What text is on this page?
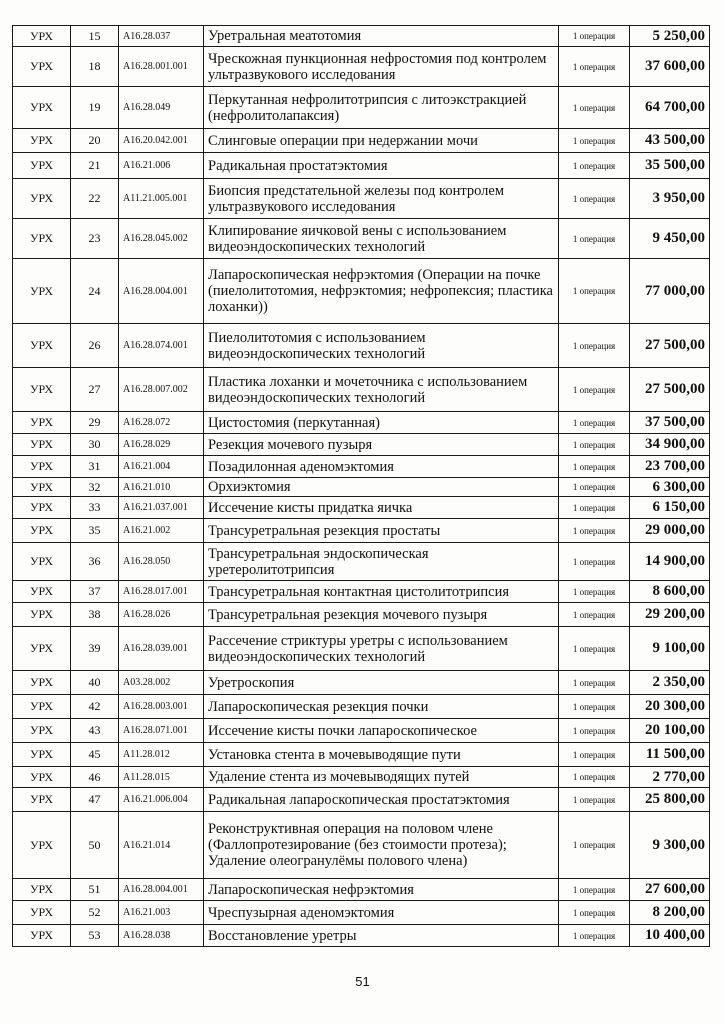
УРХ	15	A16.28.037	Уретральная меатотомия	1 операция	5 250,00
УРХ	18	A16.28.001.001	Чрескожная пункционная нефростомия под контролем ультразвукового исследования	1 операция	37 600,00
УРХ	19	A16.28.049	Перкутанная нефролитотрипсия с литоэкстракцией (нефролитолапаксия)	1 операция	64 700,00
УРХ	20	A16.20.042.001	Слинговые операции при недержании мочи	1 операция	43 500,00
УРХ	21	A16.21.006	Радикальная простатэктомия	1 операция	35 500,00
УРХ	22	A11.21.005.001	Биопсия предстательной железы под контролем ультразвукового исследования	1 операция	3 950,00
УРХ	23	A16.28.045.002	Клипирование яичковой вены с использованием видеоэндоскопических технологий	1 операция	9 450,00
УРХ	24	A16.28.004.001	Лапароскопическая нефрэктомия (Операции на почке (пиелолитотомия, нефрэктомия; нефропексия; пластика лоханки))	1 операция	77 000,00
УРХ	26	A16.28.074.001	Пиелолитотомия с использованием видеоэндоскопических технологий	1 операция	27 500,00
УРХ	27	A16.28.007.002	Пластика лоханки и мочеточника с использованием видеоэндоскопических технологий	1 операция	27 500,00
УРХ	29	A16.28.072	Цистостомия (перкутанная)	1 операция	37 500,00
УРХ	30	A16.28.029	Резекция мочевого пузыря	1 операция	34 900,00
УРХ	31	A16.21.004	Позадилонная аденомэктомия	1 операция	23 700,00
УРХ	32	A16.21.010	Орхиэктомия	1 операция	6 300,00
УРХ	33	A16.21.037.001	Иссечение кисты придатка яичка	1 операция	6 150,00
УРХ	35	A16.21.002	Трансуретральная резекция простаты	1 операция	29 000,00
УРХ	36	A16.28.050	Трансуретральная эндоскопическая уретеролитотрипсия	1 операция	14 900,00
УРХ	37	A16.28.017.001	Трансуретральная контактная цистолитотрипсия	1 операция	8 600,00
УРХ	38	A16.28.026	Трансуретральная резекция мочевого пузыря	1 операция	29 200,00
УРХ	39	A16.28.039.001	Рассечение стриктуры уретры с использованием видеоэндоскопических технологий	1 операция	9 100,00
УРХ	40	A03.28.002	Уретроскопия	1 операция	2 350,00
УРХ	42	A16.28.003.001	Лапароскопическая резекция почки	1 операция	20 300,00
УРХ	43	A16.28.071.001	Иссечение кисты почки лапароскопическое	1 операция	20 100,00
УРХ	45	A11.28.012	Установка стента в мочевыводящие пути	1 операция	11 500,00
УРХ	46	A11.28.015	Удаление стента из мочевыводящих путей	1 операция	2 770,00
УРХ	47	A16.21.006.004	Радикальная лапароскопическая простатэктомия	1 операция	25 800,00
УРХ	50	A16.21.014	Реконструктивная операция на половом члене (Фаллопротезирование (без стоимости протеза); Удаление олеогранулёмы полового члена)	1 операция	9 300,00
УРХ	51	A16.28.004.001	Лапароскопическая нефрэктомия	1 операция	27 600,00
УРХ	52	A16.21.003	Чреспузырная аденомэктомия	1 операция	8 200,00
УРХ	53	A16.28.038	Восстановление уретры	1 операция	10 400,00
51
